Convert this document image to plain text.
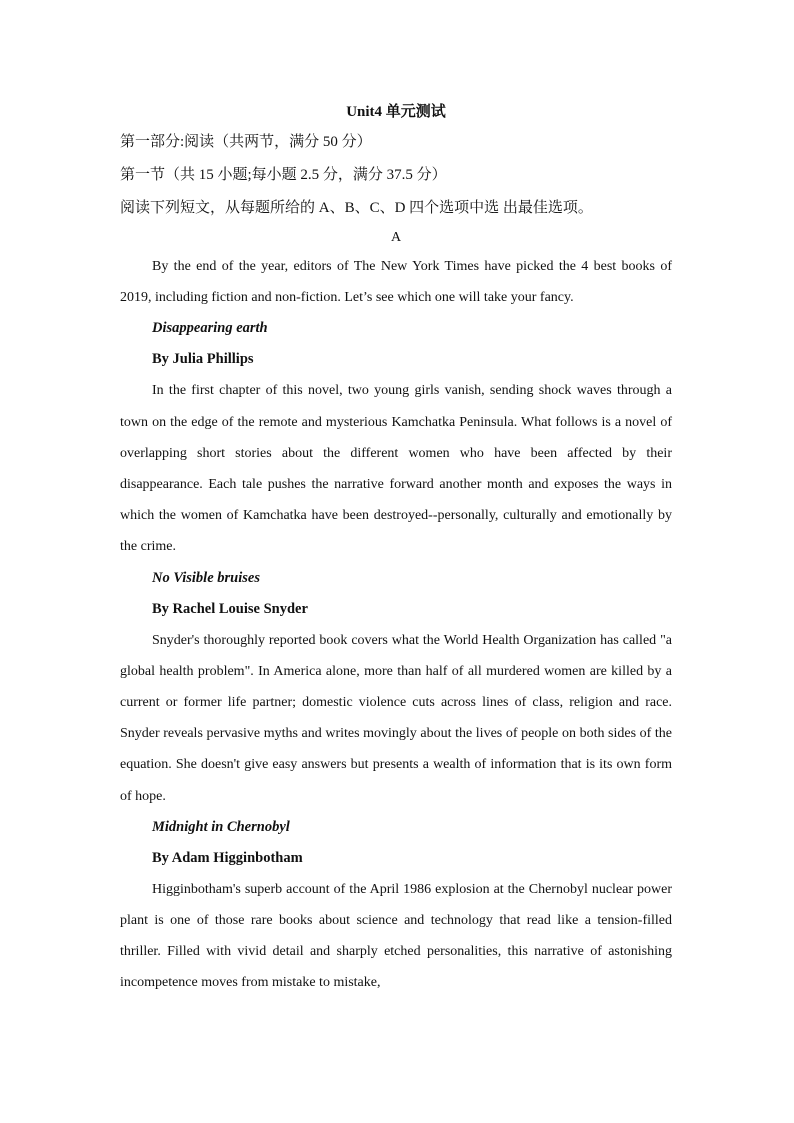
Unit4 单元测试

第一部分:阅读（共两节，满分 50 分）

第一节（共 15 小题;每小题 2.5 分，满分 37.5 分）

阅读下列短文，从每题所给的 A、B、C、D 四个选项中选 出最佳选项。

A

By the end of the year, editors of The New York Times have picked the 4 best books of 2019, including fiction and non-fiction. Let’s see which one will take your fancy.

Disappearing earth

By Julia Phillips

In the first chapter of this novel, two young girls vanish, sending shock waves through a town on the edge of the remote and mysterious Kamchatka Peninsula. What follows is a novel of overlapping short stories about the different women who have been affected by their disappearance. Each tale pushes the narrative forward another month and exposes the ways in which the women of Kamchatka have been destroyed--personally, culturally and emotionally by the crime.

No Visible bruises

By Rachel Louise Snyder

Snyder's thoroughly reported book covers what the World Health Organization has called "a global health problem". In America alone, more than half of all murdered women are killed by a current or former life partner; domestic violence cuts across lines of class, religion and race. Snyder reveals pervasive myths and writes movingly about the lives of people on both sides of the equation. She doesn't give easy answers but presents a wealth of information that is its own form of hope.

Midnight in Chernobyl

By Adam Higginbotham

Higginbotham's superb account of the April 1986 explosion at the Chernobyl nuclear power plant is one of those rare books about science and technology that read like a tension-filled thriller. Filled with vivid detail and sharply etched personalities, this narrative of astonishing incompetence moves from mistake to mistake,
